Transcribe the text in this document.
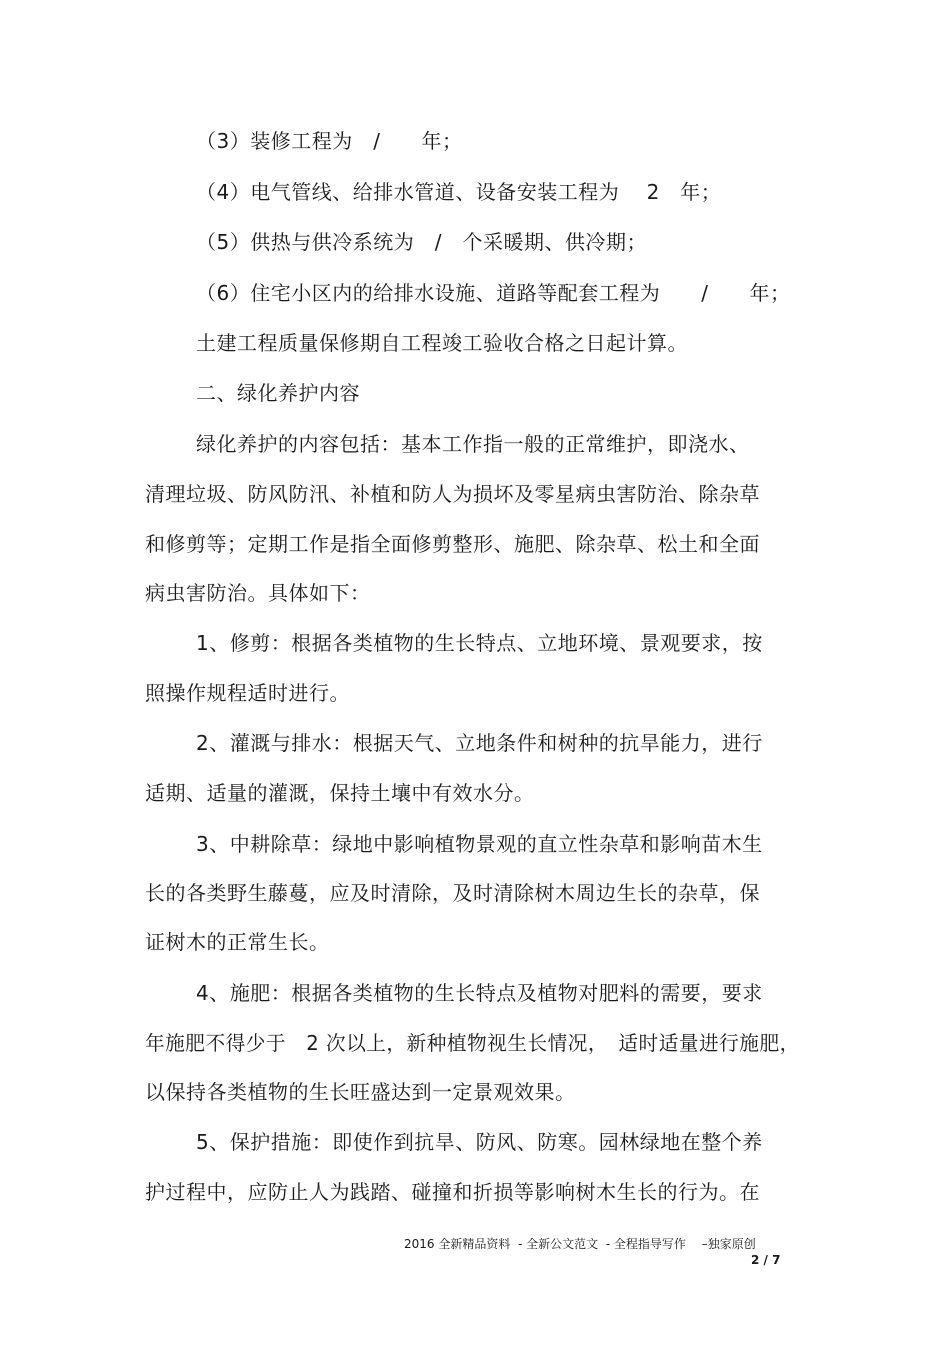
（3）装修工程为　/　　年；
（4）电气管线、给排水管道、设备安装工程为　 2　年；
（5）供热与供冷系统为　/　个采暖期、供冷期；
（6）住宅小区内的给排水设施、道路等配套工程为　　/　　年；
土建工程质量保修期自工程竣工验收合格之日起计算。
二、绿化养护内容
绿化养护的内容包括：基本工作指一般的正常维护，即浇水、
清理垃圾、防风防汛、补植和防人为损坏及零星病虫害防治、除杂草
和修剪等；定期工作是指全面修剪整形、施肥、除杂草、松土和全面
病虫害防治。具体如下：
1、修剪：根据各类植物的生长特点、立地环境、景观要求，按
照操作规程适时进行。
2、灌溉与排水：根据天气、立地条件和树种的抗旱能力，进行
适期、适量的灌溉，保持土壤中有效水分。
3、中耕除草：绿地中影响植物景观的直立性杂草和影响苗木生
长的各类野生藤蔓，应及时清除，及时清除树木周边生长的杂草，保
证树木的正常生长。
4、施肥：根据各类植物的生长特点及植物对肥料的需要，要求
年施肥不得少于　2 次以上，新种植物视生长情况，　适时适量进行施肥，
以保持各类植物的生长旺盛达到一定景观效果。
5、保护措施：即使作到抗旱、防风、防寒。园林绿地在整个养
护过程中，应防止人为践踏、碰撞和折损等影响树木生长的行为。在
2016 全新精品资料  - 全新公文范文  - 全程指导写作　 –独家原创
2 / 7
